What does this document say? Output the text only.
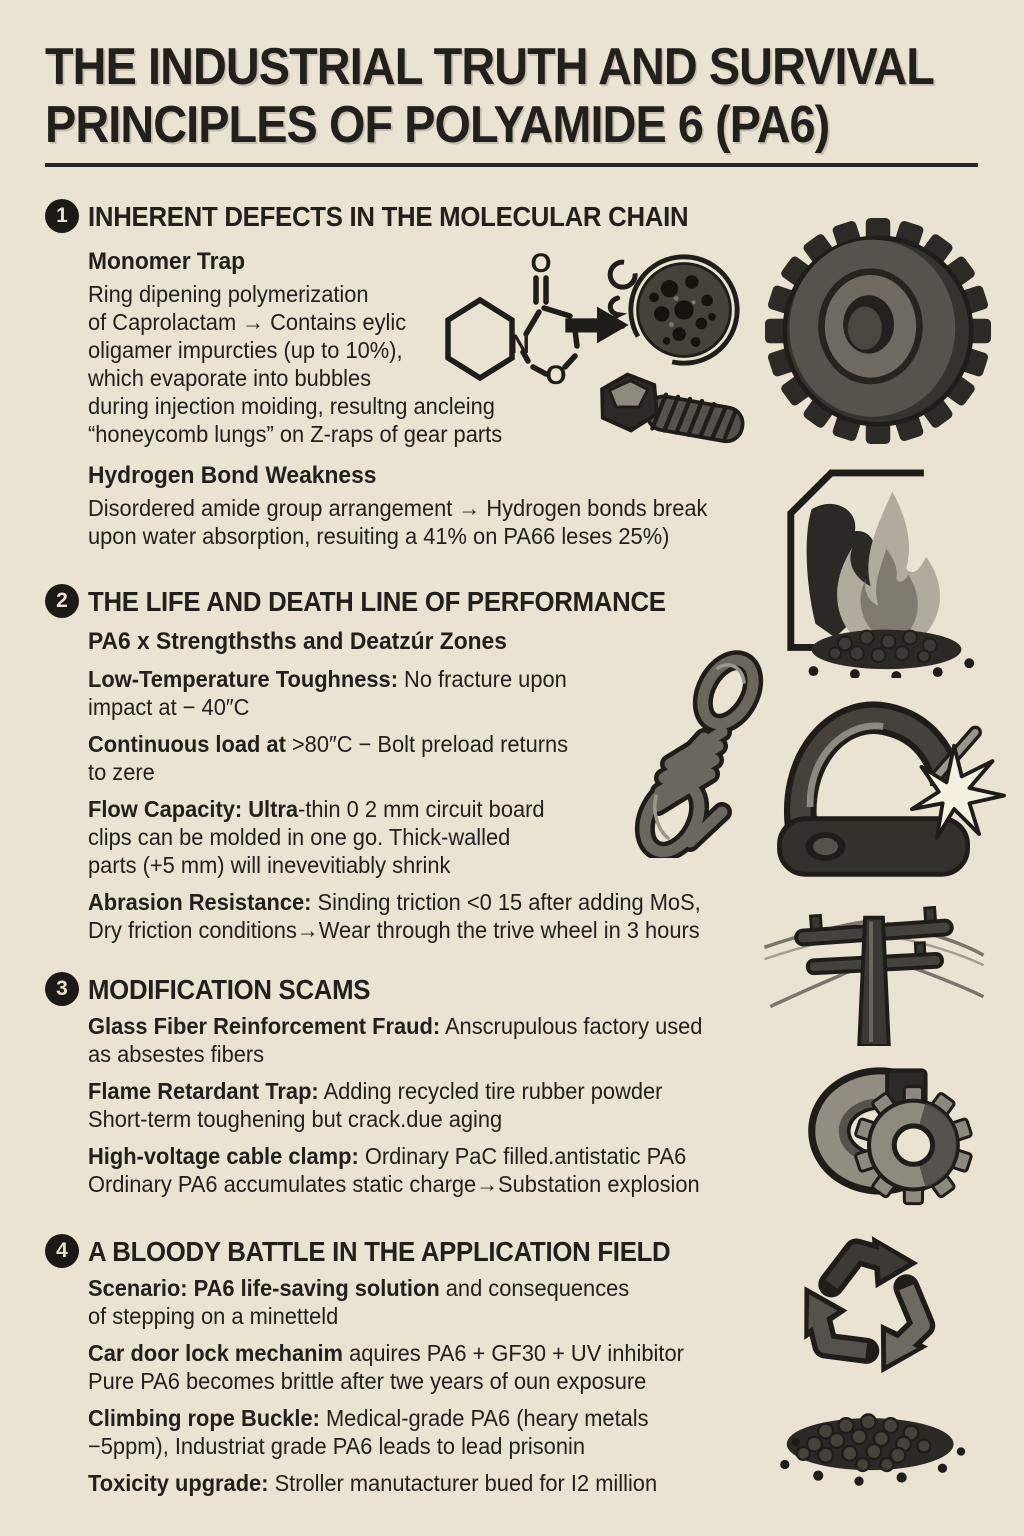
THE INDUSTRIAL TRUTH AND SURVIVAL
PRINCIPLES OF POLYAMIDE 6 (PA6)
1 INHERENT DEFECTS IN THE MOLECULAR CHAIN
Monomer Trap
Ring dipening polymerization
of Caprolactam → Contains eylic
oligamer impurcties (up to 10%),
which evaporate into bubbles
during injection moiding, resultng ancleing
“honeycomb lungs” on Z-raps of gear parts
Hydrogen Bond Weakness
Disordered amide group arrangement → Hydrogen bonds break
upon water absorption, resuiting a 41% on PA66 leses 25%)
2 THE LIFE AND DEATH LINE OF PERFORMANCE
PA6 x Strengthsths and Deatzúr Zones
Low-Temperature Toughness: No fracture upon
impact at − 40″C
Continuous load at >80″C − Bolt preload returns
to zere
Flow Capacity: Ultra-thin 0 2 mm circuit board
clips can be molded in one go. Thick-walled
parts (+5 mm) will inevevitiably shrink
Abrasion Resistance: Sinding triction <0 15 after adding MoS,
Dry friction conditions→Wear through the trive wheel in 3 hours
3 MODIFICATION SCAMS
Glass Fiber Reinforcement Fraud: Anscrupulous factory used
as absestes fibers
Flame Retardant Trap: Adding recycled tire rubber powder
Short-term toughening but crack.due aging
High-voltage cable clamp: Ordinary PaC filled.antistatic PA6
Ordinary PA6 accumulates static charge→Substation explosion
4 A BLOODY BATTLE IN THE APPLICATION FIELD
Scenario: PA6 life-saving solution and consequences
of stepping on a minetteld
Car door lock mechanim aquires PA6 + GF30 + UV inhibitor
Pure PA6 becomes brittle after twe years of oun exposure
Climbing rope Buckle: Medical-grade PA6 (heary metals
−5ppm), Industriat grade PA6 leads to lead prisonin
Toxicity upgrade: Stroller manutacturer bued for I2 million
O
N
O
